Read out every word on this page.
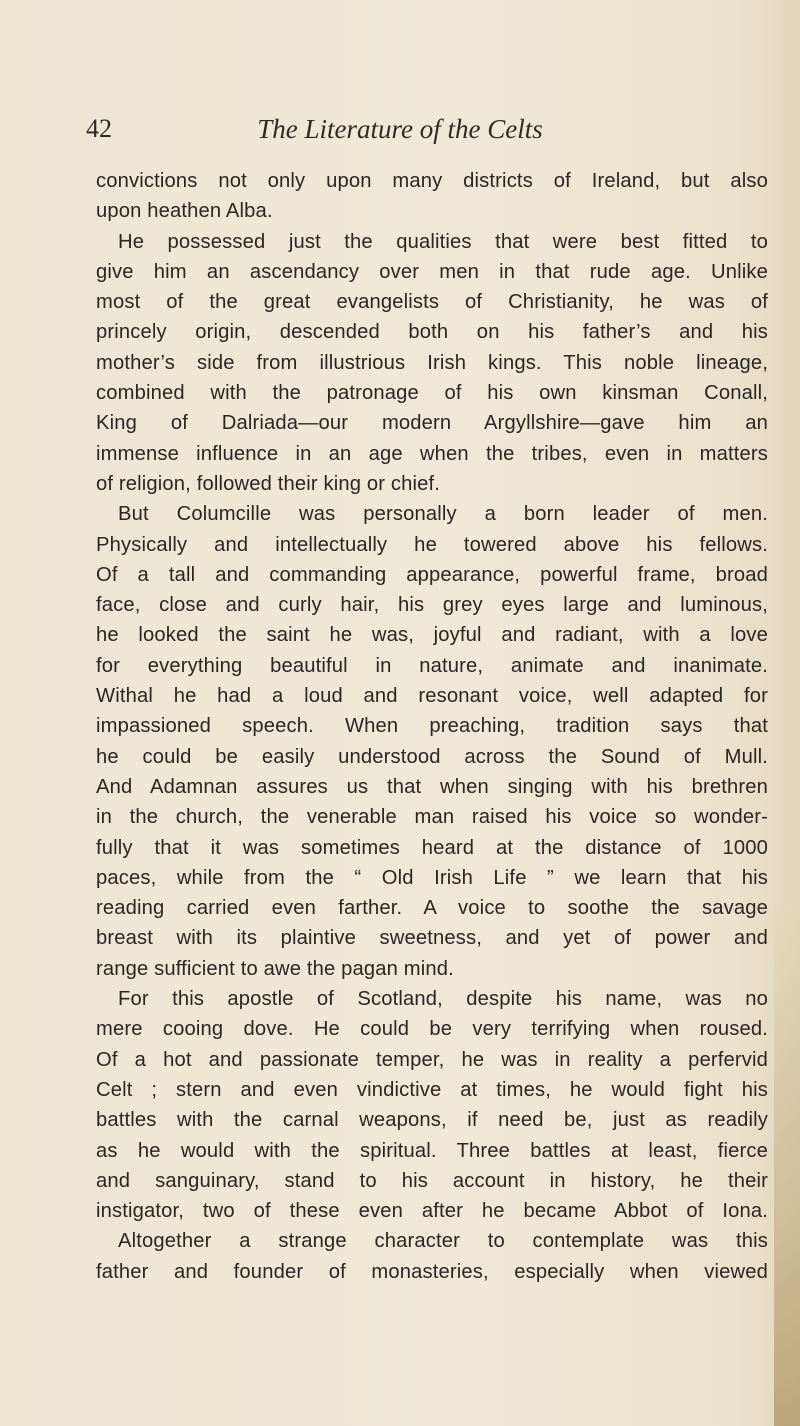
42	The Literature of the Celts
convictions not only upon many districts of Ireland, but also
upon heathen Alba.
He possessed just the qualities that were best fitted to
give him an ascendancy over men in that rude age. Unlike
most of the great evangelists of Christianity, he was of
princely origin, descended both on his father’s and his
mother’s side from illustrious Irish kings. This noble lineage,
combined with the patronage of his own kinsman Conall,
King of Dalriada—our modern Argyllshire—gave him an
immense influence in an age when the tribes, even in matters
of religion, followed their king or chief.
But Columcille was personally a born leader of men.
Physically and intellectually he towered above his fellows.
Of a tall and commanding appearance, powerful frame, broad
face, close and curly hair, his grey eyes large and luminous,
he looked the saint he was, joyful and radiant, with a love
for everything beautiful in nature, animate and inanimate.
Withal he had a loud and resonant voice, well adapted for
impassioned speech. When preaching, tradition says that
he could be easily understood across the Sound of Mull.
And Adamnan assures us that when singing with his brethren
in the church, the venerable man raised his voice so wonder-
fully that it was sometimes heard at the distance of 1000
paces, while from the “ Old Irish Life ” we learn that his
reading carried even farther. A voice to soothe the savage
breast with its plaintive sweetness, and yet of power and
range sufficient to awe the pagan mind.
For this apostle of Scotland, despite his name, was no
mere cooing dove. He could be very terrifying when roused.
Of a hot and passionate temper, he was in reality a perfervid
Celt ; stern and even vindictive at times, he would fight his
battles with the carnal weapons, if need be, just as readily
as he would with the spiritual. Three battles at least, fierce
and sanguinary, stand to his account in history, he their
instigator, two of these even after he became Abbot of Iona.
Altogether a strange character to contemplate was this
father and founder of monasteries, especially when viewed
